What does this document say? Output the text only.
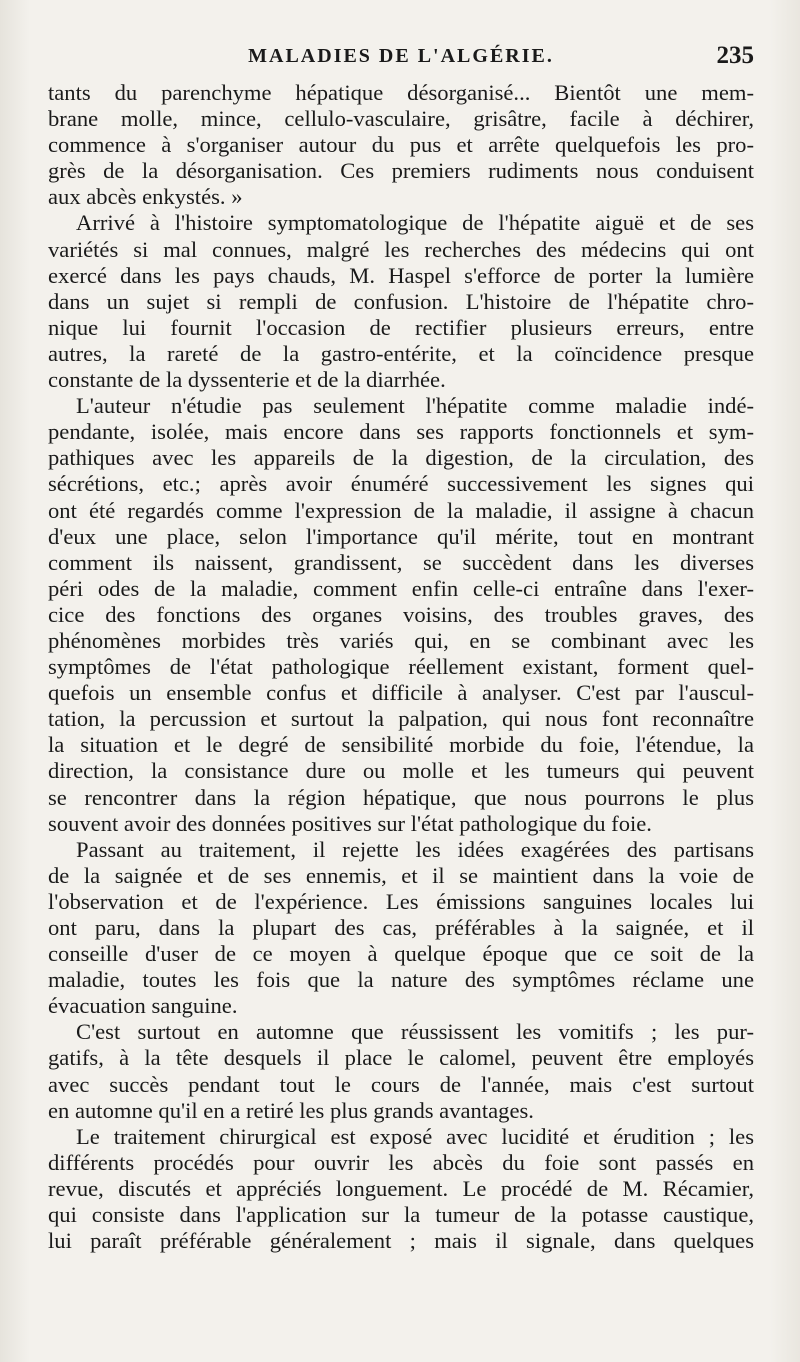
MALADIES DE L'ALGÉRIE.	235

tants du parenchyme hépatique désorganisé... Bientôt une mem-

brane molle, mince, cellulo-vasculaire, grisâtre, facile à déchirer,

commence à s'organiser autour du pus et arrête quelquefois les pro-

grès de la désorganisation. Ces premiers rudiments nous conduisent

aux abcès enkystés. »

Arrivé à l'histoire symptomatologique de l'hépatite aiguë et de ses

variétés si mal connues, malgré les recherches des médecins qui ont

exercé dans les pays chauds, M. Haspel s'efforce de porter la lumière

dans un sujet si rempli de confusion. L'histoire de l'hépatite chro-

nique lui fournit l'occasion de rectifier plusieurs erreurs, entre

autres, la rareté de la gastro-entérite, et la coïncidence presque

constante de la dyssenterie et de la diarrhée.

L'auteur n'étudie pas seulement l'hépatite comme maladie indé-

pendante, isolée, mais encore dans ses rapports fonctionnels et sym-

pathiques avec les appareils de la digestion, de la circulation, des

sécrétions, etc.; après avoir énuméré successivement les signes qui

ont été regardés comme l'expression de la maladie, il assigne à chacun

d'eux une place, selon l'importance qu'il mérite, tout en montrant

comment ils naissent, grandissent, se succèdent dans les diverses

péri odes de la maladie, comment enfin celle-ci entraîne dans l'exer-

cice des fonctions des organes voisins, des troubles graves, des

phénomènes morbides très variés qui, en se combinant avec les

symptômes de l'état pathologique réellement existant, forment quel-

quefois un ensemble confus et difficile à analyser. C'est par l'auscul-

tation, la percussion et surtout la palpation, qui nous font reconnaître

la situation et le degré de sensibilité morbide du foie, l'étendue, la

direction, la consistance dure ou molle et les tumeurs qui peuvent

se rencontrer dans la région hépatique, que nous pourrons le plus

souvent avoir des données positives sur l'état pathologique du foie.

Passant au traitement, il rejette les idées exagérées des partisans

de la saignée et de ses ennemis, et il se maintient dans la voie de

l'observation et de l'expérience. Les émissions sanguines locales lui

ont paru, dans la plupart des cas, préférables à la saignée, et il

conseille d'user de ce moyen à quelque époque que ce soit de la

maladie, toutes les fois que la nature des symptômes réclame une

évacuation sanguine.

C'est surtout en automne que réussissent les vomitifs ; les pur-

gatifs, à la tête desquels il place le calomel, peuvent être employés

avec succès pendant tout le cours de l'année, mais c'est surtout

en automne qu'il en a retiré les plus grands avantages.

Le traitement chirurgical est exposé avec lucidité et érudition ; les

différents procédés pour ouvrir les abcès du foie sont passés en

revue, discutés et appréciés longuement. Le procédé de M. Récamier,

qui consiste dans l'application sur la tumeur de la potasse caustique,

lui paraît préférable généralement ; mais il signale, dans quelques
